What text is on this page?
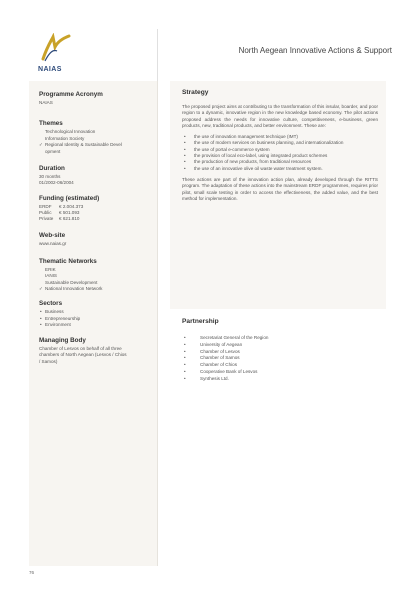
NAIAS
North Aegean Innovative Actions & Support
Programme Acronym
NAIAS
Themes
Technological Innovation
Information Society
✓ Regional Identity & Sustainable Devel
opment
Duration
30 months
01/2002-06/2004
Funding (estimated)
ERDF	€ 2.004.373
Public	€ 501.093
Private	€ 621.810
Web-site
www.naias.gr
Thematic Networks
ERIK
IANIS
Sustainable Development
✓ National Innovation Network
Sectors
• Business
• Entrepreneurship
• Environment
Managing Body
Chamber of Lesvos on behalf of all three
chambers of North Aegean (Lesvos / Chios
/ Samos)
Strategy
The proposed project aims at contributing to the transformation of this insular, boarder, and poor region to a dynamic, innovative region in the new knowledge based economy. The pilot actions proposed address the needs for innovative culture, competitiveness, e-business, green products, new, traditional products, and better environment. These are:
• the use of innovation management technique (IMT)
• the use of modern services on business planning, and internationalization
• the use of portal e-commerce system
• the provision of local eco-label, using integrated product schemes
• the production of new products, from traditional resources
• the use of an innovative olive oil waste water treatment system.
These actions are part of the innovation action plan, already developed through the RITTS program. The adaptation of these actions into the mainstream ERDF programmes, requires prior pilot, small scale testing in order to access the effectiveness, the added value, and the best method for implementation.
Partnership
• Secretariat General of the Region
• University of Aegean
• Chamber of Lesvos
• Chamber of Samos
• Chamber of Chios
• Cooperative Bank of Lesvos
• Synthesis Ltd.
76
